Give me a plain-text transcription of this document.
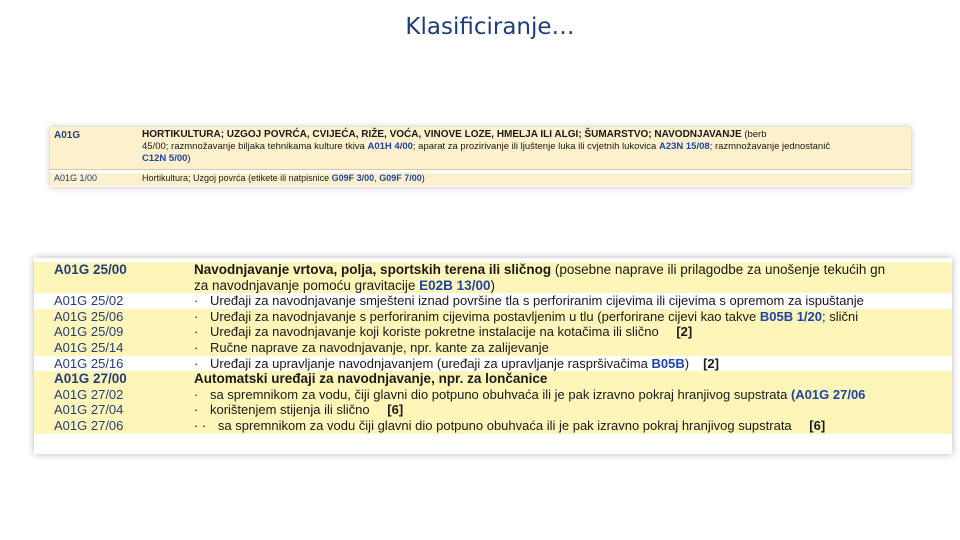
Klasificiranje…
A01G	HORTIKULTURA; UZGOJ POVRĆA, CVIJEĆA, RIŽE, VOĆA, VINOVE LOZE, HMELJA ILI ALGI; ŠUMARSTVO; NAVODNJAVANJE (berb
45/00; razmnožavanje biljaka tehnikama kulture tkiva A01H 4/00; aparat za prozirivanje ili ljuštenje luka ili cvjetnih lukovica A23N 15/08; razmnožavanje jednostanič
C12N 5/00)
A01G 1/00	Hortikultura; Uzgoj povrća (etikete ili natpisnice G09F 3/00, G09F 7/00)
A01G 25/00	Navodnjavanje vrtova, polja, sportskih terena ili sličnog (posebne naprave ili prilagodbe za unošenje tekućih gn
za navodnjavanje pomoću gravitacije E02B 13/00)
A01G 25/02	· Uređaji za navodnjavanje smješteni iznad površine tla s perforiranim cijevima ili cijevima s opremom za ispuštanje
A01G 25/06	· Uređaji za navodnjavanje s perforiranim cijevima postavljenim u tlu (perforirane cijevi kao takve B05B 1/20; slični
A01G 25/09	· Uređaji za navodnjavanje koji koriste pokretne instalacije na kotačima ili slično [2]
A01G 25/14	· Ručne naprave za navodnjavanje, npr. kante za zalijevanje
A01G 25/16	· Uređaji za upravljanje navodnjavanjem (uređaji za upravljanje raspršivačima B05B) [2]
A01G 27/00	Automatski uređaji za navodnjavanje, npr. za lončanice
A01G 27/02	· sa spremnikom za vodu, čiji glavni dio potpuno obuhvaća ili je pak izravno pokraj hranjivog supstrata (A01G 27/06
A01G 27/04	· korištenjem stijenja ili slično [6]
A01G 27/06	· · sa spremnikom za vodu čiji glavni dio potpuno obuhvaća ili je pak izravno pokraj hranjivog supstrata [6]
